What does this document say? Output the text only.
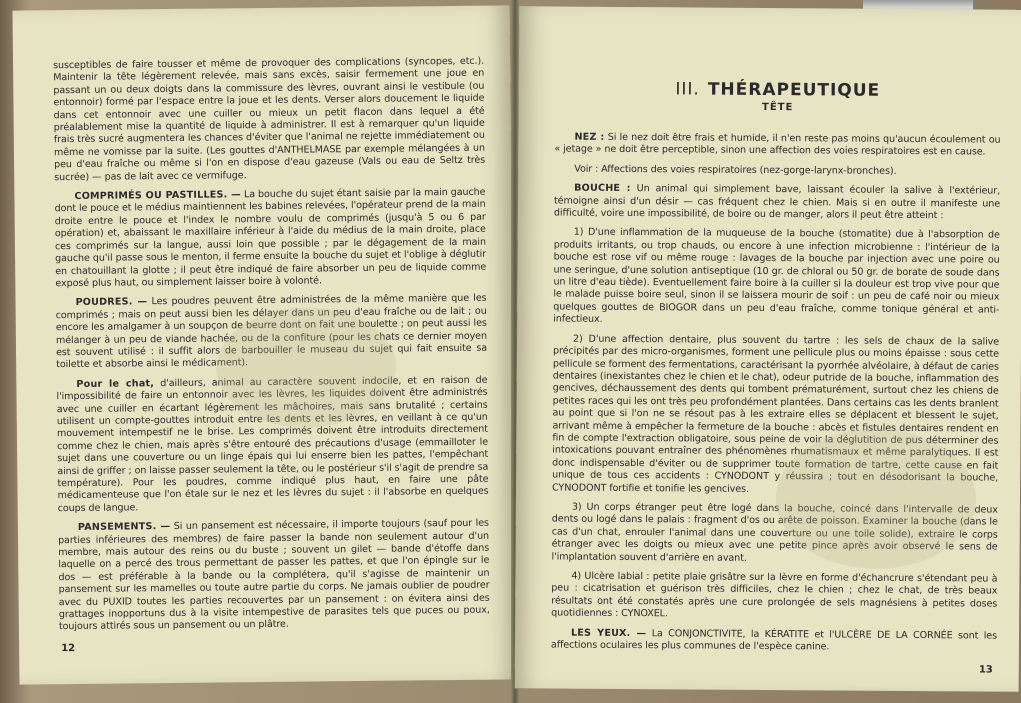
susceptibles de faire tousser et même de provoquer des complications (syncopes, etc.). Maintenir la tête légèrement relevée, mais sans excès, saisir fermement une joue en passant un ou deux doigts dans la commissure des lèvres, ouvrant ainsi le vestibule (ou entonnoir) formé par l'espace entre la joue et les dents. Verser alors doucement le liquide dans cet entonnoir avec une cuiller ou mieux un petit flacon dans lequel a été préalablement mise la quantité de liquide à administrer. Il est à remarquer qu'un liquide frais très sucré augmentera les chances d'éviter que l'animal ne rejette immédiatement ou même ne vomisse par la suite. (Les gouttes d'ANTHELMASE par exemple mélangées à un peu d'eau fraîche ou même si l'on en dispose d'eau gazeuse (Vals ou eau de Seltz très sucrée) — pas de lait avec ce vermifuge.

COMPRIMÉS OU PASTILLES. — La bouche du sujet étant saisie par la main gauche dont le pouce et le médius maintiennent les babines relevées, l'opérateur prend de la main droite entre le pouce et l'index le nombre voulu de comprimés (jusqu'à 5 ou 6 par opération) et, abaissant le maxillaire inférieur à l'aide du médius de la main droite, place ces comprimés sur la langue, aussi loin que possible ; par le dégagement de la main gauche qu'il passe sous le menton, il ferme ensuite la bouche du sujet et l'oblige à déglutir en chatouillant la glotte ; il peut être indiqué de faire absorber un peu de liquide comme exposé plus haut, ou simplement laisser boire à volonté.

POUDRES. — Les poudres peuvent être administrées de la même manière que les comprimés ; mais on peut aussi bien les délayer dans un peu d'eau fraîche ou de lait ; ou encore les amalgamer à un soupçon de beurre dont on fait une boulette ; on peut aussi les mélanger à un peu de viande hachée, ou de la confiture (pour les chats ce dernier moyen est souvent utilisé : il suffit alors de barbouiller le museau du sujet qui fait ensuite sa toilette et absorbe ainsi le médicament).

Pour le chat, d'ailleurs, animal au caractère souvent indocile, et en raison de l'impossibilité de faire un entonnoir avec les lèvres, les liquides doivent être administrés avec une cuiller en écartant légèrement les mâchoires, mais sans brutalité ; certains utilisent un compte-gouttes introduit entre les dents et les lèvres, en veillant à ce qu'un mouvement intempestif ne le brise. Les comprimés doivent être introduits directement comme chez le chien, mais après s'être entouré des précautions d'usage (emmailloter le sujet dans une couverture ou un linge épais qui lui enserre bien les pattes, l'empêchant ainsi de griffer ; on laisse passer seulement la tête, ou le postérieur s'il s'agit de prendre sa température). Pour les poudres, comme indiqué plus haut, en faire une pâte médicamenteuse que l'on étale sur le nez et les lèvres du sujet : il l'absorbe en quelques coups de langue.

PANSEMENTS. — Si un pansement est nécessaire, il importe toujours (sauf pour les parties inférieures des membres) de faire passer la bande non seulement autour d'un membre, mais autour des reins ou du buste ; souvent un gilet — bande d'étoffe dans laquelle on a percé des trous permettant de passer les pattes, et que l'on épingle sur le dos — est préférable à la bande ou la complétera, qu'il s'agisse de maintenir un pansement sur les mamelles ou toute autre partie du corps. Ne jamais oublier de poudrer avec du PUXID toutes les parties recouvertes par un pansement : on évitera ainsi des grattages inopportuns dus à la visite intempestive de parasites tels que puces ou poux, toujours attirés sous un pansement ou un plâtre.

12
III. THÉRAPEUTIQUE
TÊTE

NEZ : Si le nez doit être frais et humide, il n'en reste pas moins qu'aucun écoulement ou « jetage » ne doit être perceptible, sinon une affection des voies respiratoires est en cause.

Voir : Affections des voies respiratoires (nez-gorge-larynx-bronches).

BOUCHE : Un animal qui simplement bave, laissant écouler la salive à l'extérieur, témoigne ainsi d'un désir — cas fréquent chez le chien. Mais si en outre il manifeste une difficulté, voire une impossibilité, de boire ou de manger, alors il peut être atteint :

1) D'une inflammation de la muqueuse de la bouche (stomatite) due à l'absorption de produits irritants, ou trop chauds, ou encore à une infection microbienne : l'intérieur de la bouche est rose vif ou même rouge : lavages de la bouche par injection avec une poire ou une seringue, d'une solution antiseptique (10 gr. de chloral ou 50 gr. de borate de soude dans un litre d'eau tiède). Eventuellement faire boire à la cuiller si la douleur est trop vive pour que le malade puisse boire seul, sinon il se laissera mourir de soif : un peu de café noir ou mieux quelques gouttes de BIOGOR dans un peu d'eau fraîche, comme tonique général et anti-infectieux.

2) D'une affection dentaire, plus souvent du tartre : les sels de chaux de la salive précipités par des micro-organismes, forment une pellicule plus ou moins épaisse : sous cette pellicule se forment des fermentations, caractérisant la pyorrhée alvéolaire, à défaut de caries dentaires (inexistantes chez le chien et le chat), odeur putride de la bouche, inflammation des gencives, déchaussement des dents qui tombent prématurément, surtout chez les chiens de petites races qui les ont très peu profondément plantées. Dans certains cas les dents branlent au point que si l'on ne se résout pas à les extraire elles se déplacent et blessent le sujet, arrivant même à empêcher la fermeture de la bouche : abcès et fistules dentaires rendent en fin de compte l'extraction obligatoire, sous peine de voir la déglutition de pus déterminer des intoxications pouvant entraîner des phénomènes rhumatismaux et même paralytiques. Il est donc indispensable d'éviter ou de supprimer toute formation de tartre, cette cause en fait unique de tous ces accidents : CYNODONT y réussira ; tout en désodorisant la bouche, CYNODONT fortifie et tonifie les gencives.

3) Un corps étranger peut être logé dans la bouche, coincé dans l'intervalle de deux dents ou logé dans le palais : fragment d'os ou arête de poisson. Examiner la bouche (dans le cas d'un chat, enrouler l'animal dans une couverture ou une toile solide), extraire le corps étranger avec les doigts ou mieux avec une petite pince après avoir observé le sens de l'implantation souvent d'arrière en avant.

4) Ulcère labial : petite plaie grisâtre sur la lèvre en forme d'échancrure s'étendant peu à peu : cicatrisation et guérison très difficiles, chez le chien ; chez le chat, de très beaux résultats ont été constatés après une cure prolongée de sels magnésiens à petites doses quotidiennes : CYNOXEL.

LES YEUX. — La CONJONCTIVITE, la KÉRATITE et l'ULCÈRE DE LA CORNÉE sont les affections oculaires les plus communes de l'espèce canine.

13
